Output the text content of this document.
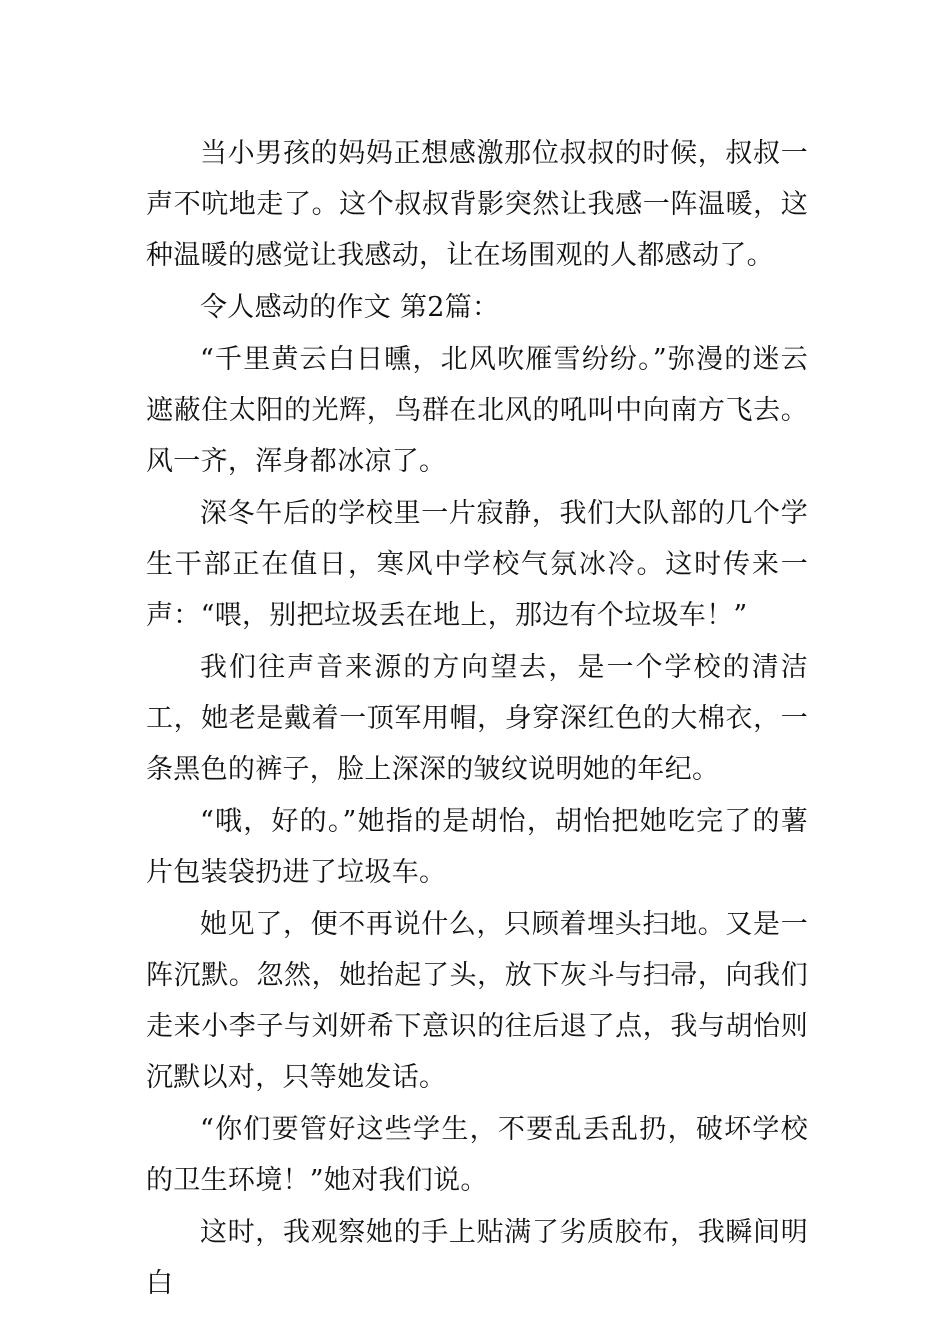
当小男孩的妈妈正想感激那位叔叔的时候，叔叔一声不吭地走了。这个叔叔背影突然让我感一阵温暖，这种温暖的感觉让我感动，让在场围观的人都感动了。

令人感动的作文 第2篇：

“千里黄云白日曛，北风吹雁雪纷纷。”弥漫的迷云遮蔽住太阳的光辉，鸟群在北风的吼叫中向南方飞去。风一齐，浑身都冰凉了。

深冬午后的学校里一片寂静，我们大队部的几个学生干部正在值日，寒风中学校气氛冰冷。这时传来一声：“喂，别把垃圾丢在地上，那边有个垃圾车！”

我们往声音来源的方向望去，是一个学校的清洁工，她老是戴着一顶军用帽，身穿深红色的大棉衣，一条黑色的裤子，脸上深深的皱纹说明她的年纪。

“哦，好的。”她指的是胡怡，胡怡把她吃完了的薯片包装袋扔进了垃圾车。

她见了，便不再说什么，只顾着埋头扫地。又是一阵沉默。忽然，她抬起了头，放下灰斗与扫帚，向我们走来小李子与刘妍希下意识的往后退了点，我与胡怡则沉默以对，只等她发话。

“你们要管好这些学生，不要乱丢乱扔，破坏学校的卫生环境！”她对我们说。

这时，我观察她的手上贴满了劣质胶布，我瞬间明白
